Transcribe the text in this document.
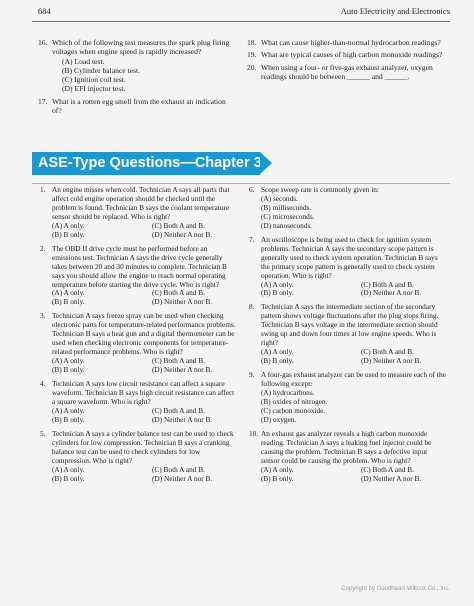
684	Auto Electricity and Electronics
16. Which of the following test measures the spark plug firing voltages when engine speed is rapidly increased?
(A) Load test.
(B) Cylinder balance test.
(C) Ignition coil test.
(D) EFI injector test.
17. What is a rotten egg smell from the exhaust an indication of?
18. What can cause higher-than-normal hydrocarbon readings?
19. What are typical causes of high carbon monoxide readings?
20. When using a four- or five-gas exhaust analyzer, oxygen readings should be between ______ and ______.
ASE-Type Questions—Chapter 34
1. An engine misses when cold. Technician A says all parts that affect cold engine operation should be checked until the problem is found. Technician B says the coolant temperature sensor should be replaced. Who is right?
(A) A only.	(C) Both A and B.
(B) B only.	(D) Neither A nor B.
2. The OBD II drive cycle must be performed before an emissions test. Technician A says the drive cycle generally takes between 20 and 30 minutes to complete. Technician B says you should allow the engine to reach normal operating temperature before starting the drive cycle. Who is right?
(A) A only.	(C) Both A and B.
(B) B only.	(D) Neither A nor B.
3. Technician A says freeze spray can be used when checking electronic parts for temperature-related performance problems. Technician B says a heat gun and a digital thermometer can be used when checking electronic components for temperature-related performance problems. Who is right?
(A) A only.	(C) Both A and B.
(B) B only.	(D) Neither A nor B.
4. Technician A says low circuit resistance can affect a square waveform. Technician B says high circuit resistance can affect a square waveform. Who is right?
(A) A only.	(C) Both A and B.
(B) B only.	(D) Neither A nor B.
5. Technician A says a cylinder balance test can be used to check cylinders for low compression. Technician B says a cranking balance test can be used to check cylinders for low compression. Who is right?
(A) A only.	(C) Both A and B.
(B) B only.	(D) Neither A nor B.
6. Scope sweep rate is commonly given in:
(A) seconds.
(B) milliseconds.
(C) microseconds.
(D) nanoseconds.
7. An oscilloscope is being used to check for ignition system problems. Technician A says the secondary scope pattern is generally used to check system operation. Technician B says the primary scope pattern is generally used to check system operation. Who is right?
(A) A only.	(C) Both A and B.
(B) B only.	(D) Neither A nor B.
8. Technician A says the intermediate section of the secondary pattern shows voltage fluctuations after the plug stops firing. Technician B says voltage in the intermediate section should swing up and down four times at low engine speeds. Who is right?
(A) A only.	(C) Both A and B.
(B) B only.	(D) Neither A nor B.
9. A four-gas exhaust analyzer can be used to measure each of the following except:
(A) hydrocarbons.
(B) oxides of nitrogen.
(C) carbon monoxide.
(D) oxygen.
10. An exhaust gas analyzer reveals a high carbon monoxide reading. Technician A says a leaking fuel injector could be causing the problem. Technician B says a defective input sensor could be causing the problem. Who is right?
(A) A only.	(C) Both A and B.
(B) B only.	(D) Neither A nor B.
Copyright by Goodheart-Willcox Co., Inc.
